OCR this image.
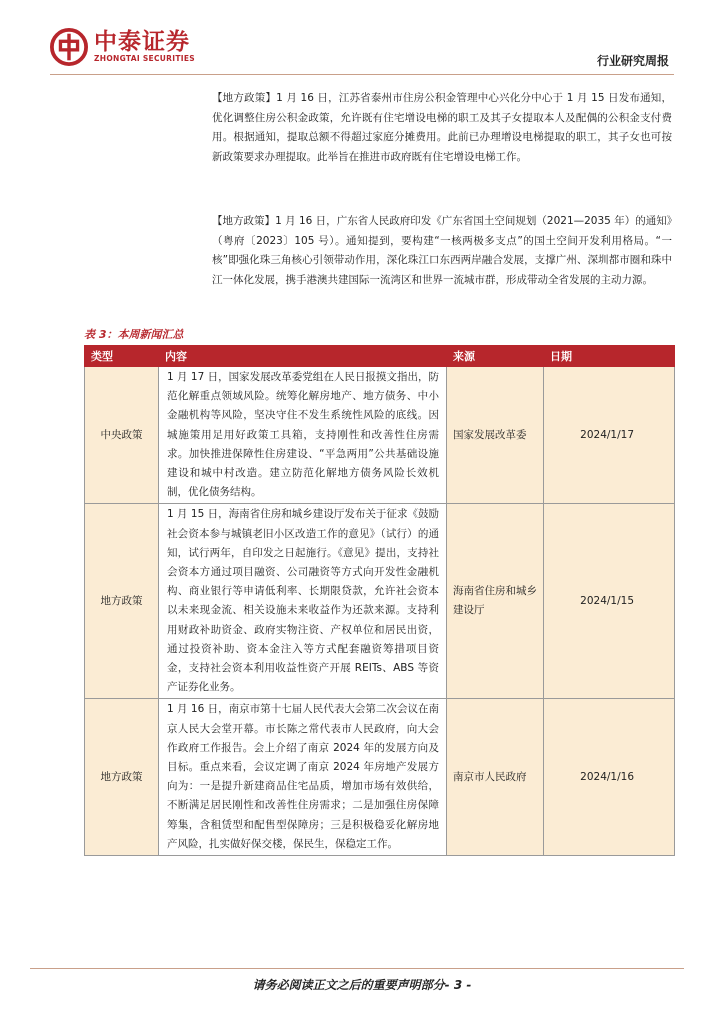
中泰证券
ZHONGTAI SECURITIES	行业研究周报
【地方政策】1 月 16 日，江苏省泰州市住房公积金管理中心兴化分中心于 1 月 15 日发布通知，优化调整住房公积金政策，允许既有住宅增设电梯的职工及其子女提取本人及配偶的公积金支付费用。根据通知，提取总额不得超过家庭分摊费用。此前已办理增设电梯提取的职工，其子女也可按新政策要求办理提取。此举旨在推进市政府既有住宅增设电梯工作。
【地方政策】1 月 16 日，广东省人民政府印发《广东省国土空间规划（2021—2035 年）的通知》（粤府〔2023〕105 号）。通知提到，要构建“一核两极多支点”的国土空间开发利用格局。“一核”即强化珠三角核心引领带动作用，深化珠江口东西两岸融合发展，支撑广州、深圳都市圈和珠中江一体化发展，携手港澳共建国际一流湾区和世界一流城市群，形成带动全省发展的主动力源。
表 3：本周新闻汇总
类型	内容	来源	日期
中央政策	1 月 17 日，国家发展改革委党组在人民日报摸文指出，防范化解重点领域风险。统筹化解房地产、地方债务、中小金融机构等风险，坚决守住不发生系统性风险的底线。因城施策用足用好政策工具箱，支持刚性和改善性住房需求。加快推进保障性住房建设、“平急两用”公共基础设施建设和城中村改造。建立防范化解地方债务风险长效机制，优化债务结构。	国家发展改革委	2024/1/17
地方政策	1 月 15 日，海南省住房和城乡建设厅发布关于征求《鼓励社会资本参与城镇老旧小区改造工作的意见》（试行）的通知，试行两年，自印发之日起施行。《意见》提出，支持社会资本方通过项目融资、公司融资等方式向开发性金融机构、商业银行等申请低利率、长期限贷款，允许社会资本以未来现金流、相关设施未来收益作为还款来源。支持利用财政补助资金、政府实物注资、产权单位和居民出资，通过投资补助、资本金注入等方式配套融资筹措项目资金，支持社会资本利用收益性资产开展 REITs、ABS 等资产证券化业务。	海南省住房和城乡建设厅	2024/1/15
地方政策	1 月 16 日，南京市第十七届人民代表大会第二次会议在南京人民大会堂开幕。市长陈之常代表市人民政府，向大会作政府工作报告。会上介绍了南京 2024 年的发展方向及目标。重点来看，会议定调了南京 2024 年房地产发展方向为：一是提升新建商品住宅品质，增加市场有效供给，不断满足居民刚性和改善性住房需求；二是加强住房保障筹集，含租赁型和配售型保障房；三是积极稳妥化解房地产风险，扎实做好保交楼，保民生，保稳定工作。	南京市人民政府	2024/1/16
请务必阅读正文之后的重要声明部分- 3 -
